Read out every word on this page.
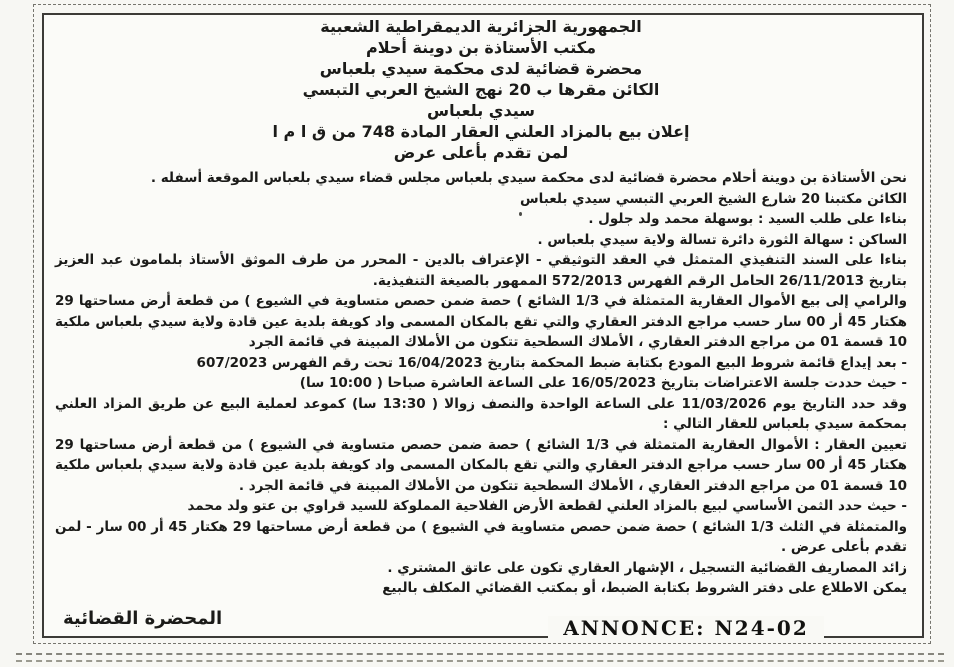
الجمهورية الجزائرية الديمقراطية الشعبية
مكتب الأستاذة بن دوينة أحلام
محضرة قضائية لدى محكمة سيدي بلعباس
الكائن مقرها ب 20 نهج الشيخ العربي التبسي
سيدي بلعباس
إعلان بيع بالمزاد العلني العقار المادة 748 من ق ا م ا
لمن تقدم بأعلى عرض

نحن الأستاذة بن دوينة أحلام محضرة قضائية لدى محكمة سيدي بلعباس مجلس قضاء سيدي بلعباس الموقعة أسفله .

الكائن مكتبنا 20 شارع الشيخ العربي التبسي سيدي بلعباس

بناءا على طلب السيد : بوسهلة محمد ولد جلول .

الساكن : سهالة الثورة دائرة تسالة ولاية سيدي بلعباس .

بناءا على السند التنفيذي المتمثل في العقد التوثيقي - الإعتراف بالدين - المحرر من طرف الموثق الأستاذ بلمامون عبد العزيز بتاريخ 26/11/2013 الحامل الرقم الفهرس 572/2013 الممهور بالصيغة التنفيذية.

والرامي إلى بيع الأموال العقارية المتمثلة في 1/3 الشائع ) حصة ضمن حصص متساوية في الشيوع ) من قطعة أرض مساحتها 29 هكتار 45 أر 00 سار حسب مراجع الدفتر العقاري والتي تقع بالمكان المسمى واد كويفة بلدية عين قادة ولاية سيدي بلعباس ملكية 10 قسمة 01 من مراجع الدفتر العقاري ، الأملاك السطحية تتكون من الأملاك المبينة في قائمة الجرد

- بعد إيداع قائمة شروط البيع المودع بكتابة ضبط المحكمة بتاريخ 16/04/2023 تحت رقم الفهرس 607/2023

- حيث حددت جلسة الاعتراضات بتاريخ 16/05/2023 على الساعة العاشرة صباحا ( 10:00 سا)

وقد حدد التاريخ يوم 11/03/2026 على الساعة الواحدة والنصف زوالا ( 13:30 سا) كموعد لعملية البيع عن طريق المزاد العلني بمحكمة سيدي بلعباس للعقار التالي :

تعيين العقار : الأموال العقارية المتمثلة في 1/3 الشائع ) حصة ضمن حصص متساوية في الشيوع ) من قطعة أرض مساحتها 29 هكتار 45 أر 00 سار حسب مراجع الدفتر العقاري والتي تقع بالمكان المسمى واد كويفة بلدية عين قادة ولاية سيدي بلعباس ملكية 10 قسمة 01 من مراجع الدفتر العقاري ، الأملاك السطحية تتكون من الأملاك المبينة في قائمة الجرد .

- حيث حدد الثمن الأساسي لبيع بالمزاد العلني لقطعة الأرض الفلاحية المملوكة للسيد قراوي بن عتو ولد محمد

والمتمثلة في الثلث 1/3 الشائع ) حصة ضمن حصص متساوية في الشيوع ) من قطعة أرض مساحتها 29 هكتار 45 أر 00 سار - لمن تقدم بأعلى عرض .

زائد المصاريف القضائية التسجيل ، الإشهار العقاري تكون على عاتق المشتري .

يمكن الاطلاع على دفتر الشروط بكتابة الضبط، أو بمكتب القضائي المكلف بالبيع

المحضرة القضائية	ANNONCE: N24-02
